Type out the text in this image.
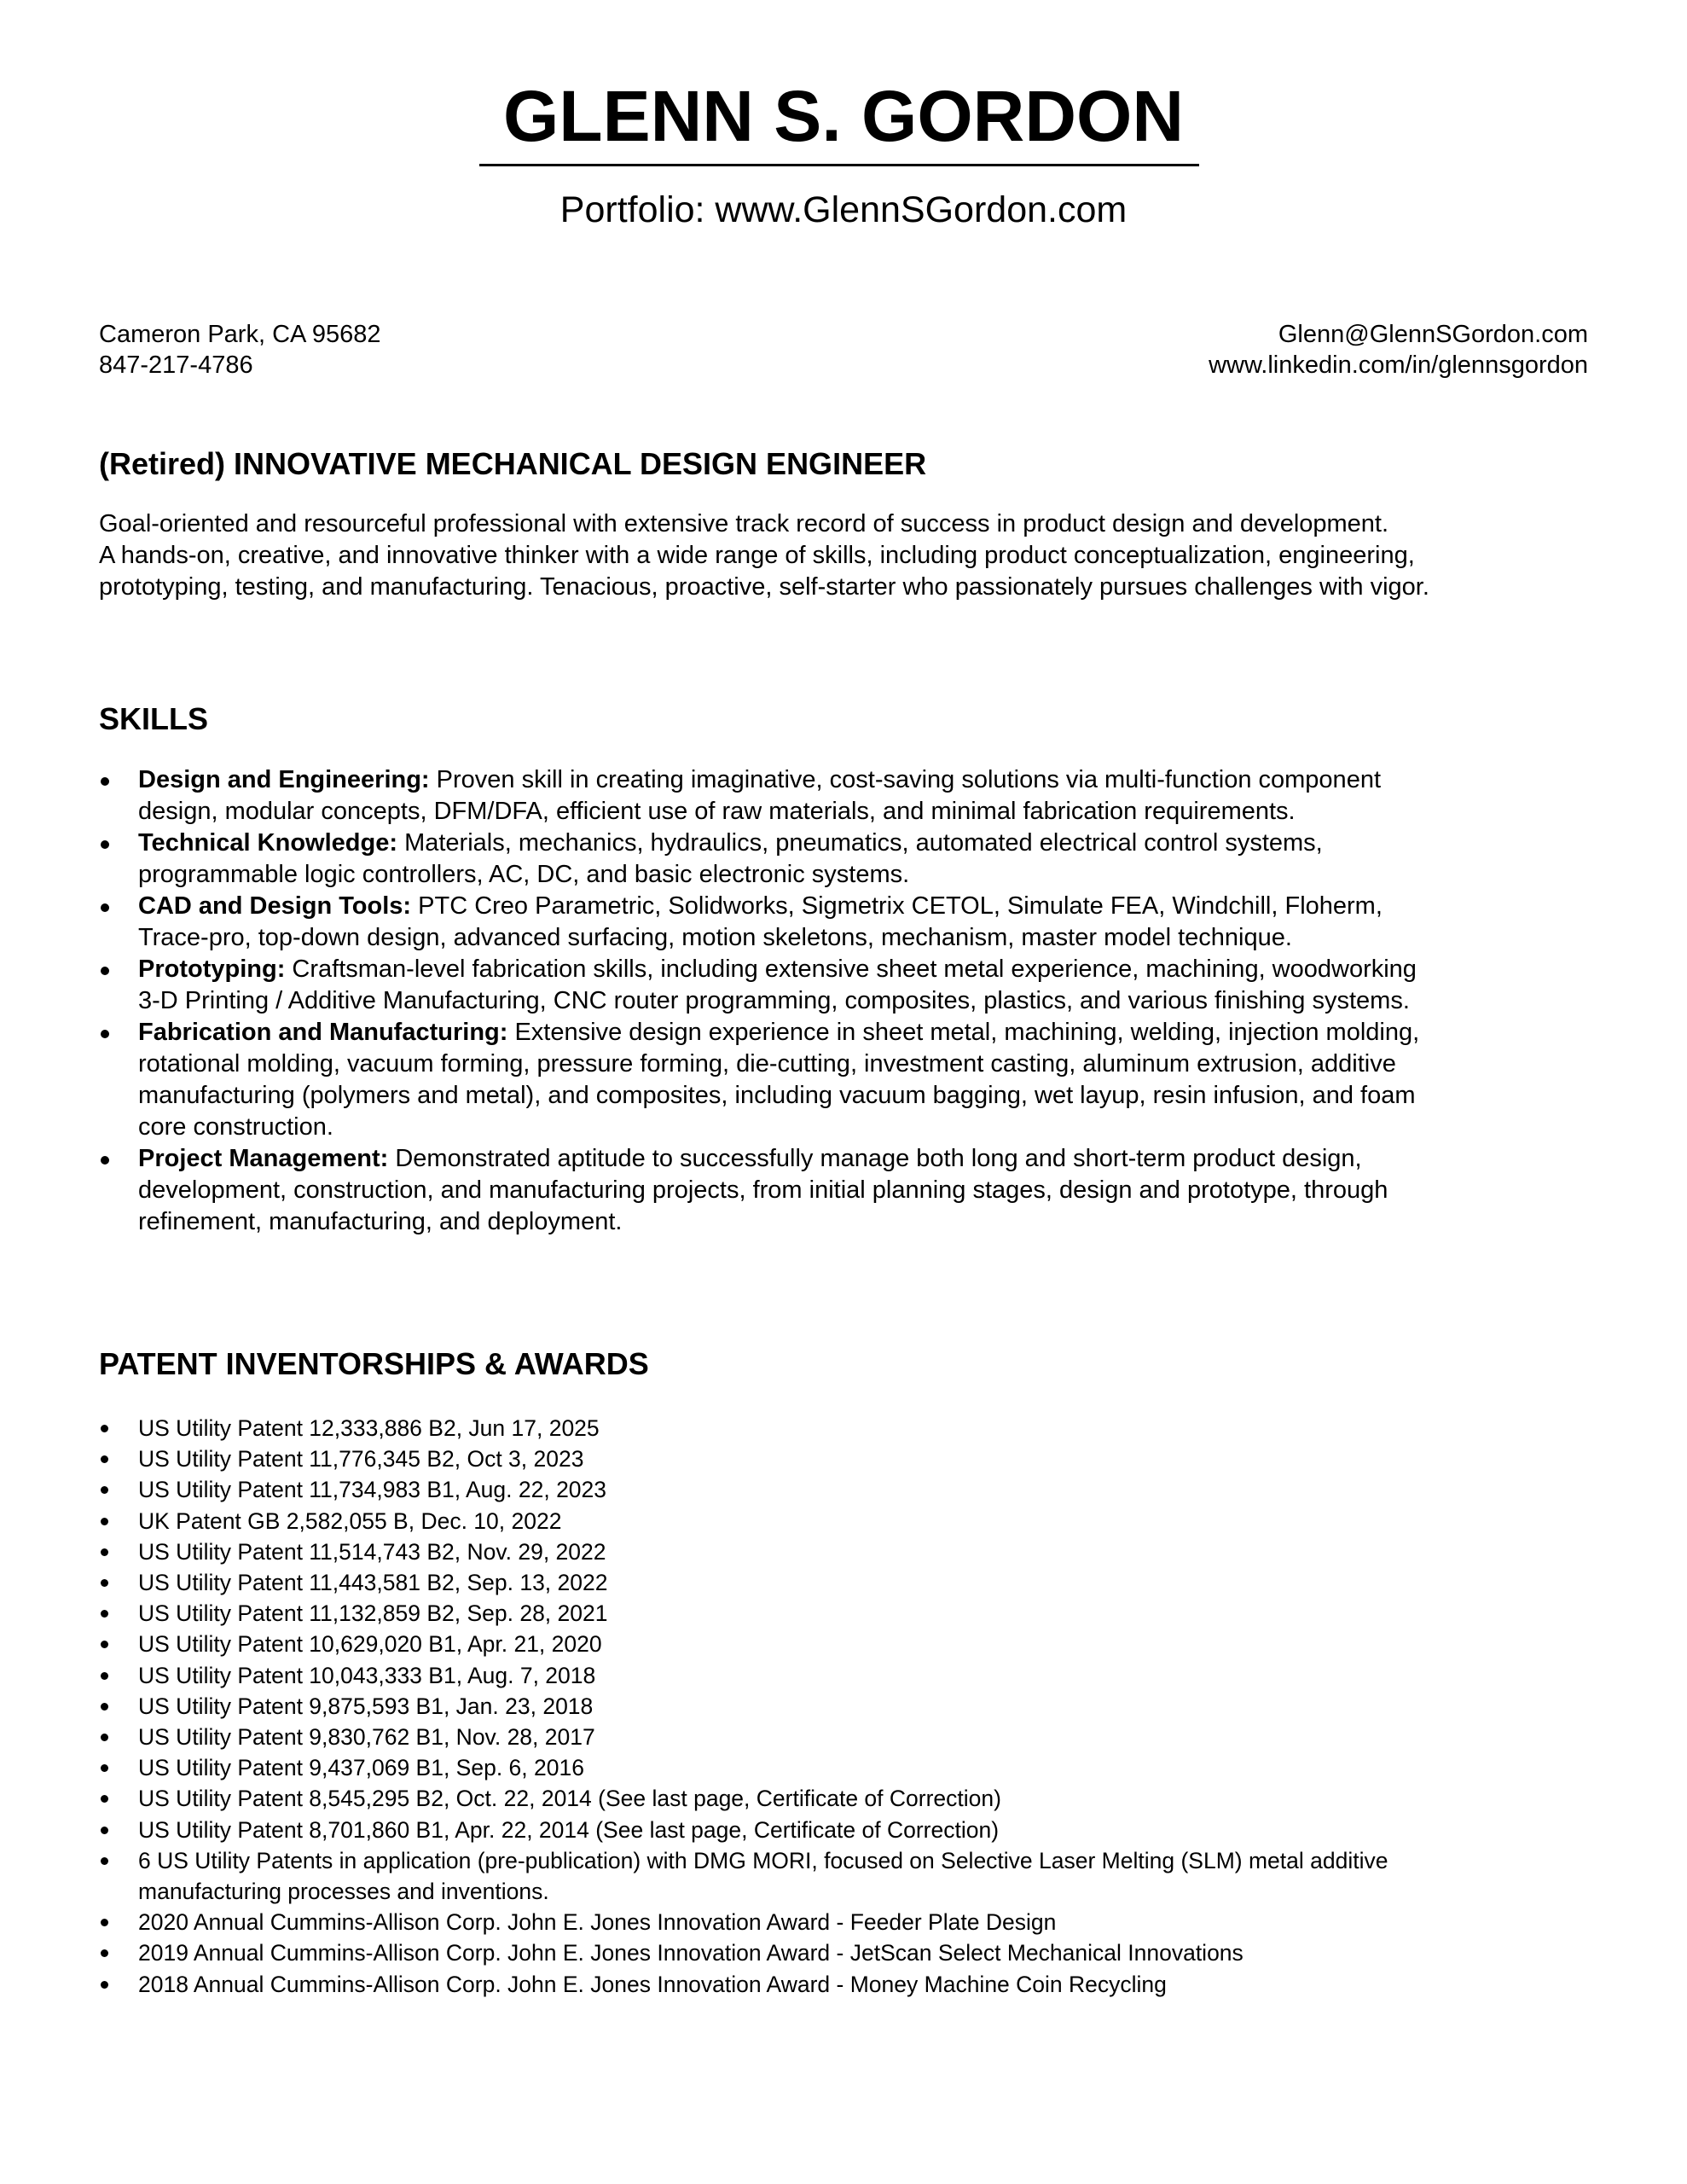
GLENN S. GORDON
Portfolio: www.GlennSGordon.com
Cameron Park, CA 95682
847-217-4786
Glenn@GlennSGordon.com
www.linkedin.com/in/glennsgordon
(Retired) INNOVATIVE MECHANICAL DESIGN ENGINEER
Goal-oriented and resourceful professional with extensive track record of success in product design and development.
A hands-on, creative, and innovative thinker with a wide range of skills, including product conceptualization, engineering,
prototyping, testing, and manufacturing. Tenacious, proactive, self-starter who passionately pursues challenges with vigor.
SKILLS
Design and Engineering: Proven skill in creating imaginative, cost-saving solutions via multi-function component
design, modular concepts, DFM/DFA, efficient use of raw materials, and minimal fabrication requirements.
Technical Knowledge: Materials, mechanics, hydraulics, pneumatics, automated electrical control systems,
programmable logic controllers, AC, DC, and basic electronic systems.
CAD and Design Tools: PTC Creo Parametric, Solidworks, Sigmetrix CETOL, Simulate FEA, Windchill, Floherm,
Trace-pro, top-down design, advanced surfacing, motion skeletons, mechanism, master model technique.
Prototyping: Craftsman-level fabrication skills, including extensive sheet metal experience, machining, woodworking
3-D Printing / Additive Manufacturing, CNC router programming, composites, plastics, and various finishing systems.
Fabrication and Manufacturing: Extensive design experience in sheet metal, machining, welding, injection molding,
rotational molding, vacuum forming, pressure forming, die-cutting, investment casting, aluminum extrusion, additive
manufacturing (polymers and metal), and composites, including vacuum bagging, wet layup, resin infusion, and foam
core construction.
Project Management: Demonstrated aptitude to successfully manage both long and short-term product design,
development, construction, and manufacturing projects, from initial planning stages, design and prototype, through
refinement, manufacturing, and deployment.
PATENT INVENTORSHIPS & AWARDS
US Utility Patent 12,333,886 B2, Jun 17, 2025
US Utility Patent 11,776,345 B2, Oct 3, 2023
US Utility Patent 11,734,983 B1, Aug. 22, 2023
UK Patent GB 2,582,055 B, Dec. 10, 2022
US Utility Patent 11,514,743 B2, Nov. 29, 2022
US Utility Patent 11,443,581 B2, Sep. 13, 2022
US Utility Patent 11,132,859 B2, Sep. 28, 2021
US Utility Patent 10,629,020 B1, Apr. 21, 2020
US Utility Patent 10,043,333 B1, Aug. 7, 2018
US Utility Patent 9,875,593 B1, Jan. 23, 2018
US Utility Patent 9,830,762 B1, Nov. 28, 2017
US Utility Patent 9,437,069 B1, Sep. 6, 2016
US Utility Patent 8,545,295 B2, Oct. 22, 2014 (See last page, Certificate of Correction)
US Utility Patent 8,701,860 B1, Apr. 22, 2014 (See last page, Certificate of Correction)
6 US Utility Patents in application (pre-publication) with DMG MORI, focused on Selective Laser Melting (SLM) metal additive
manufacturing processes and inventions.
2020 Annual Cummins-Allison Corp. John E. Jones Innovation Award - Feeder Plate Design
2019 Annual Cummins-Allison Corp. John E. Jones Innovation Award - JetScan Select Mechanical Innovations
2018 Annual Cummins-Allison Corp. John E. Jones Innovation Award - Money Machine Coin Recycling
